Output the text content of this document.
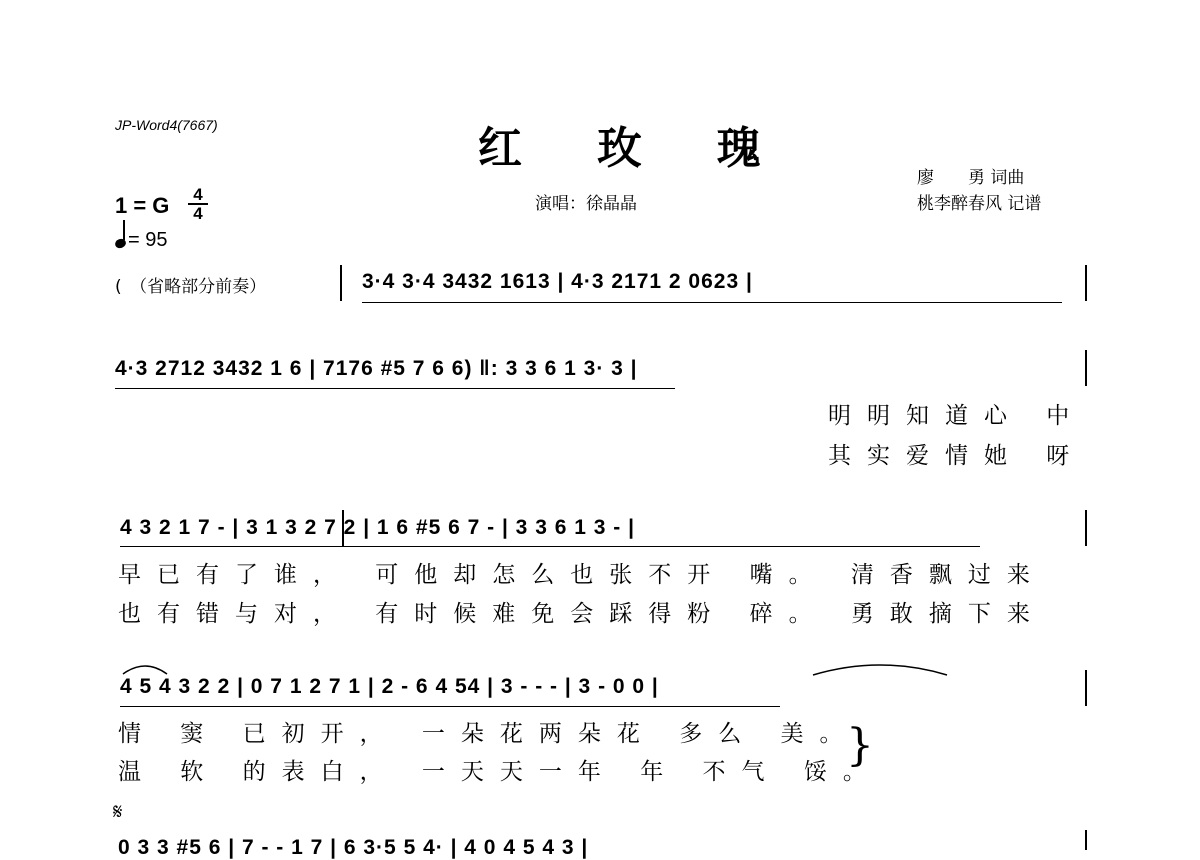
JP-Word4(7667)	红 玫 瑰
廖　　勇 词曲
桃李醉春风 记谱
演唱：徐晶晶
1 = G	4
4
= 95
(　（省略部分前奏）	3·4 3·4 3432 1613 | 4·3 2171 2 0623 |
4·3 2712 3432 1 6 | 7176 #5 7 6 6) ‖: 3 3 6 1 3· 3 |
明明知道心 中
其实爱情她 呀
4 3 2 1 7 - | 3 1 3 2 7 2 | 1 6 #5 6 7 - | 3 3 6 1 3 - |
早已有了谁， 可他却怎么也张不开 嘴。 清香飘过来
也有错与对， 有时候难免会踩得粉 碎。 勇敢摘下来
4 5 4 3 2 2 | 0 7 1 2 7 1 | 2 - 6 4 54 | 3 - - - | 3 - 0 0 |
情 窦 已初开， 一朵花两朵花 多么 美。
温 软 的表白， 一天天一年 年 不气 馁。
}
𝄋
0 3 3 #5 6 | 7 - - 1 7 | 6 3·5 5 4· | 4 0 4 5 4 3 |
